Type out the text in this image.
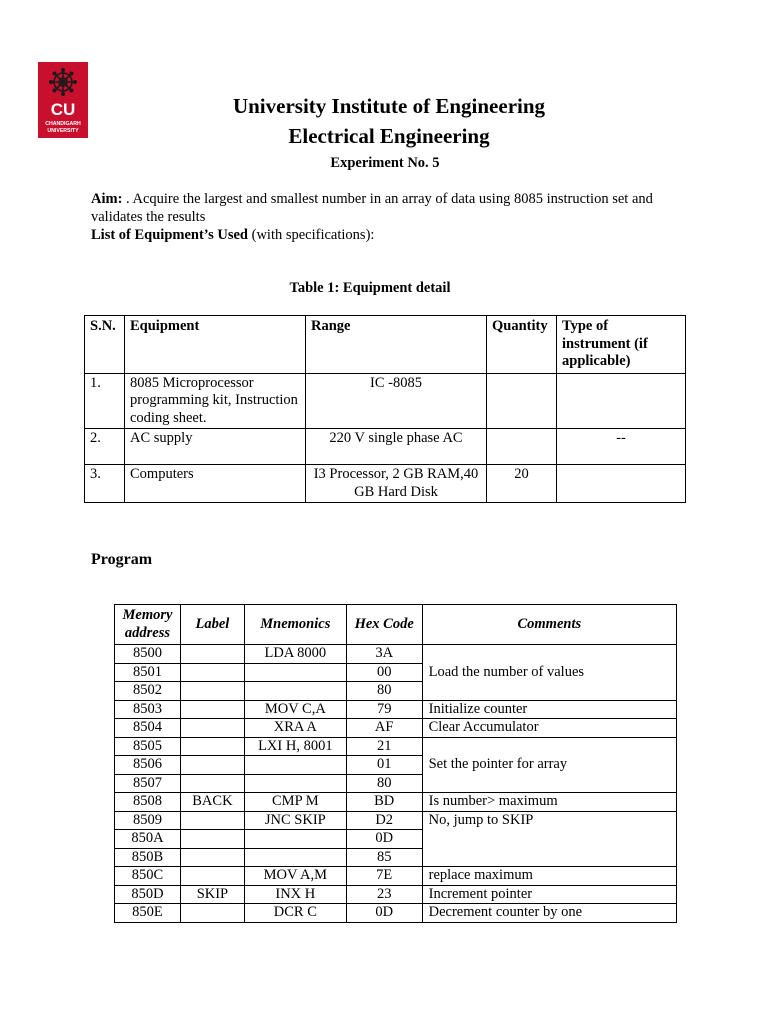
CU
CHANDIGARH
UNIVERSITY
University Institute of Engineering
Electrical Engineering
Experiment No. 5
Aim: . Acquire the largest and smallest number in an array of data using 8085 instruction set and validates the results
List of Equipment’s Used (with specifications):
Table 1: Equipment detail
S.N.	Equipment	Range	Quantity	Type of instrument (if applicable)
1.	8085 Microprocessor programming kit, Instruction coding sheet.	IC -8085		
2.	AC supply	220 V single phase AC		--
3.	Computers	I3 Processor, 2 GB RAM,40 GB Hard Disk	20	
Program
Memory address	Label	Mnemonics	Hex Code	Comments
8500		LDA 8000	3A	Load the number of values
8501			00	
8502			80	
8503		MOV C,A	79	Initialize counter
8504		XRA A	AF	Clear Accumulator
8505		LXI H, 8001	21	Set the pointer for array
8506			01	
8507			80	
8508	BACK	CMP M	BD	Is number> maximum
8509		JNC SKIP	D2	No, jump to SKIP
850A			0D	
850B			85	
850C		MOV A,M	7E	replace maximum
850D	SKIP	INX H	23	Increment pointer
850E		DCR C	0D	Decrement counter by one
